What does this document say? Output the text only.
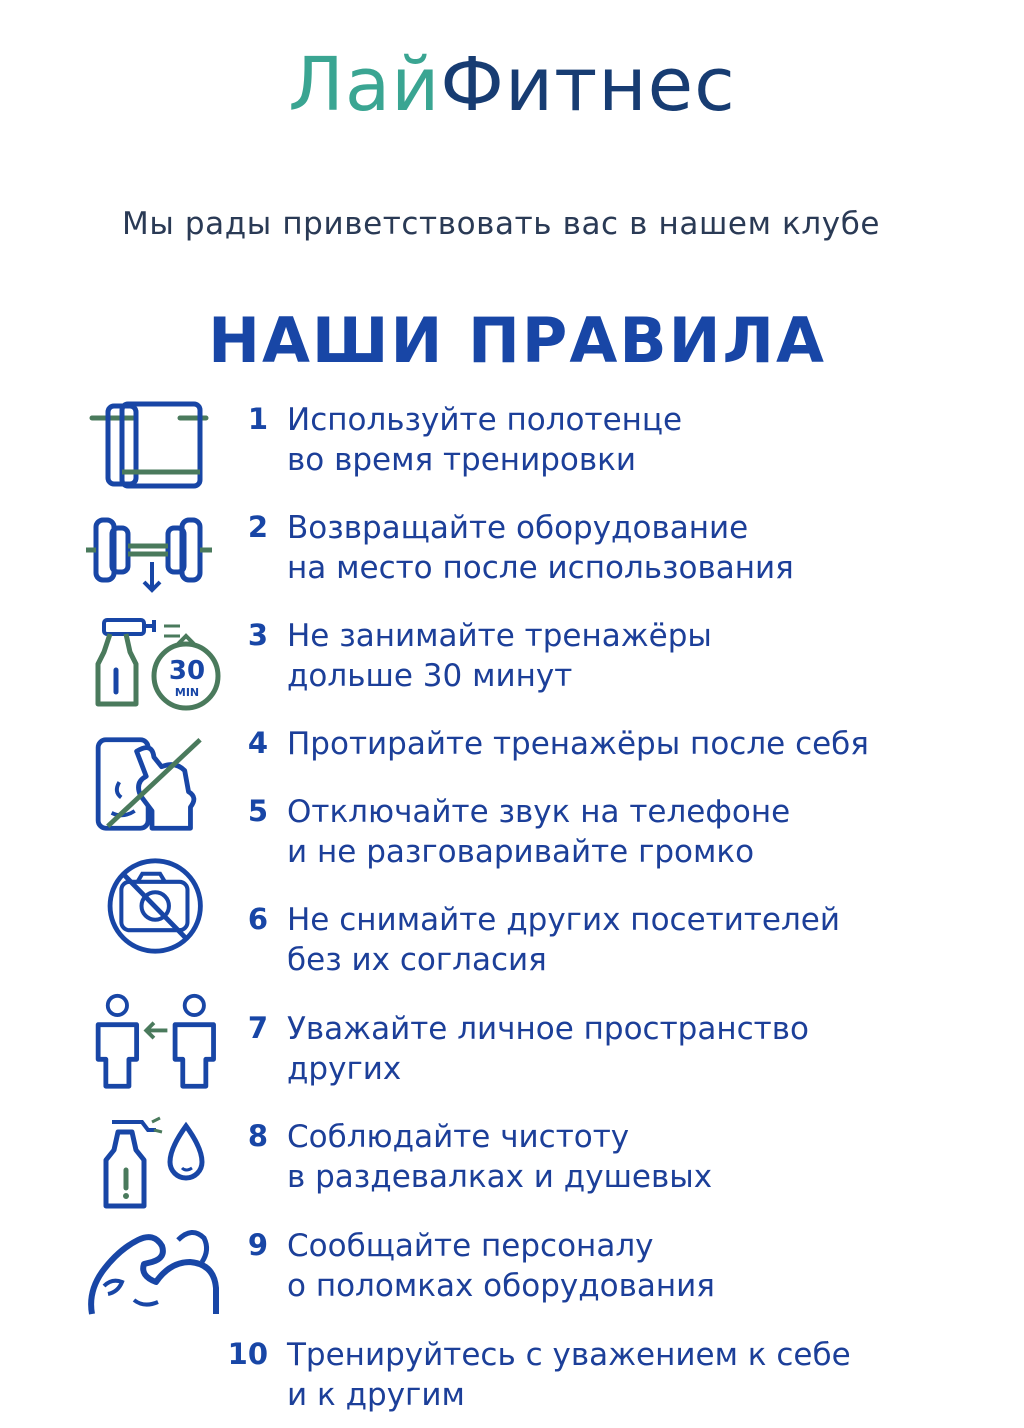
ЛайФитнес
Мы рады приветствовать вас в нашем клубе
НАШИ ПРАВИЛА
30
MIN
1 Используйте полотенце
во время тренировки
2 Возвращайте оборудование
на место после использования
3 Не занимайте тренажёры
дольше 30 минут
4 Протирайте тренажёры после себя
5 Отключайте звук на телефоне
и не разговаривайте громко
6 Не снимайте других посетителей
без их согласия
7 Уважайте личное пространство
других
8 Соблюдайте чистоту
в раздевалках и душевых
9 Сообщайте персоналу
о поломках оборудования
10 Тренируйтесь с уважением к себе
и к другим
